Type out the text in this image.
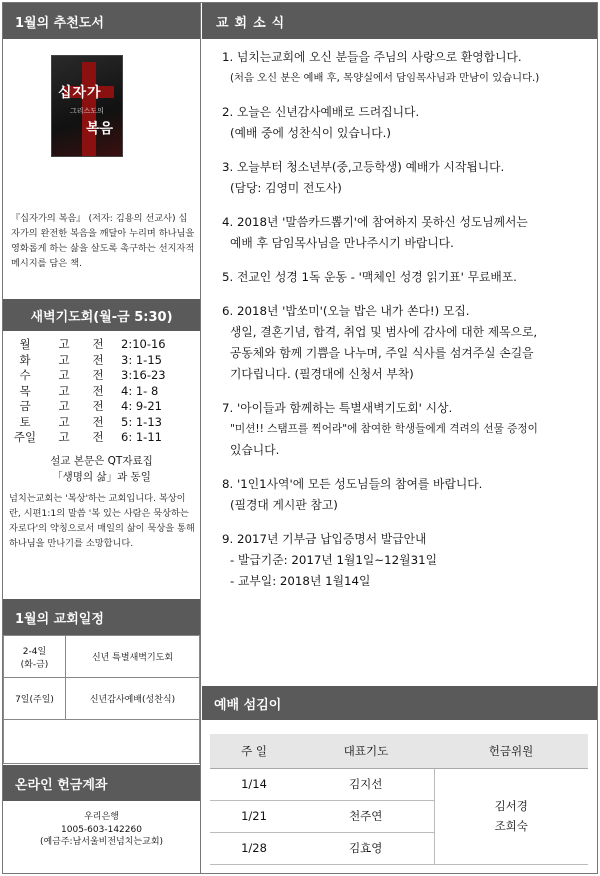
1월의 추천도서
십자가
그리스도의
복음
『십자가의 복음』 (저자: 김용의 선교사) 십자가의 완전한 복음을 깨달아 누리며 하나님을 영화롭게 하는 삶을 살도록 촉구하는 선지자적 메시지를 담은 책.
새벽기도회(월-금 5:30)
월	고	전	2:10-16
화	고	전	3: 1-15
수	고	전	3:16-23
목	고	전	4: 1- 8
금	고	전	4: 9-21
토	고	전	5: 1-13
주일	고	전	6: 1-11
설교 본문은 QT자료집
「생명의 삶」과 동일
넘치는교회는 '복상'하는 교회입니다. 복상이란, 시편1:1의 말씀 '복 있는 사람은 묵상하는 자로다'의 약칭으로서 매일의 삶이 묵상을 통해 하나님을 만나기를 소망합니다.
1월의 교회일정
2-4일
(화-금)	신년 특별새벽기도회

7일(주일)	신년감사예배(성찬식)

온라인 헌금계좌
우리은행
1005-603-142260
(예금주:남서울비전넘치는교회)
교회소식
1. 넘치는교회에 오신 분들을 주님의 사랑으로 환영합니다.
(처음 오신 분은 예배 후, 목양실에서 담임목사님과 만남이 있습니다.)
2. 오늘은 신년감사예배로 드려집니다.
(예배 중에 성찬식이 있습니다.)
3. 오늘부터 청소년부(중,고등학생) 예배가 시작됩니다.
(담당: 김영미 전도사)
4. 2018년 '말씀카드뽑기'에 참여하지 못하신 성도님께서는
예배 후 담임목사님을 만나주시기 바랍니다.
5. 전교인 성경 1독 운동 - '맥체인 성경 읽기표' 무료배포.
6. 2018년 '밥쏘미'(오늘 밥은 내가 쏜다!) 모집.
생일, 결혼기념, 합격, 취업 및 범사에 감사에 대한 제목으로,
공동체와 함께 기쁨을 나누며, 주일 식사를 섬겨주실 손길을
기다립니다. (필경대에 신청서 부착)
7. '아이들과 함께하는 특별새벽기도회' 시상.
"미션!! 스탬프를 찍어라"에 참여한 학생들에게 격려의 선물 증정이
있습니다.
8. '1인1사역'에 모든 성도님들의 참여를 바랍니다.
(필경대 게시판 참고)
9. 2017년 기부금 납입증명서 발급안내
- 발급기준: 2017년 1월1일~12월31일
- 교부일: 2018년 1월14일
예배 섬김이
주 일	대표기도	헌금위원
1/14	김지선	김서경
조희숙

1/21	천주연	
1/28	김효영	
